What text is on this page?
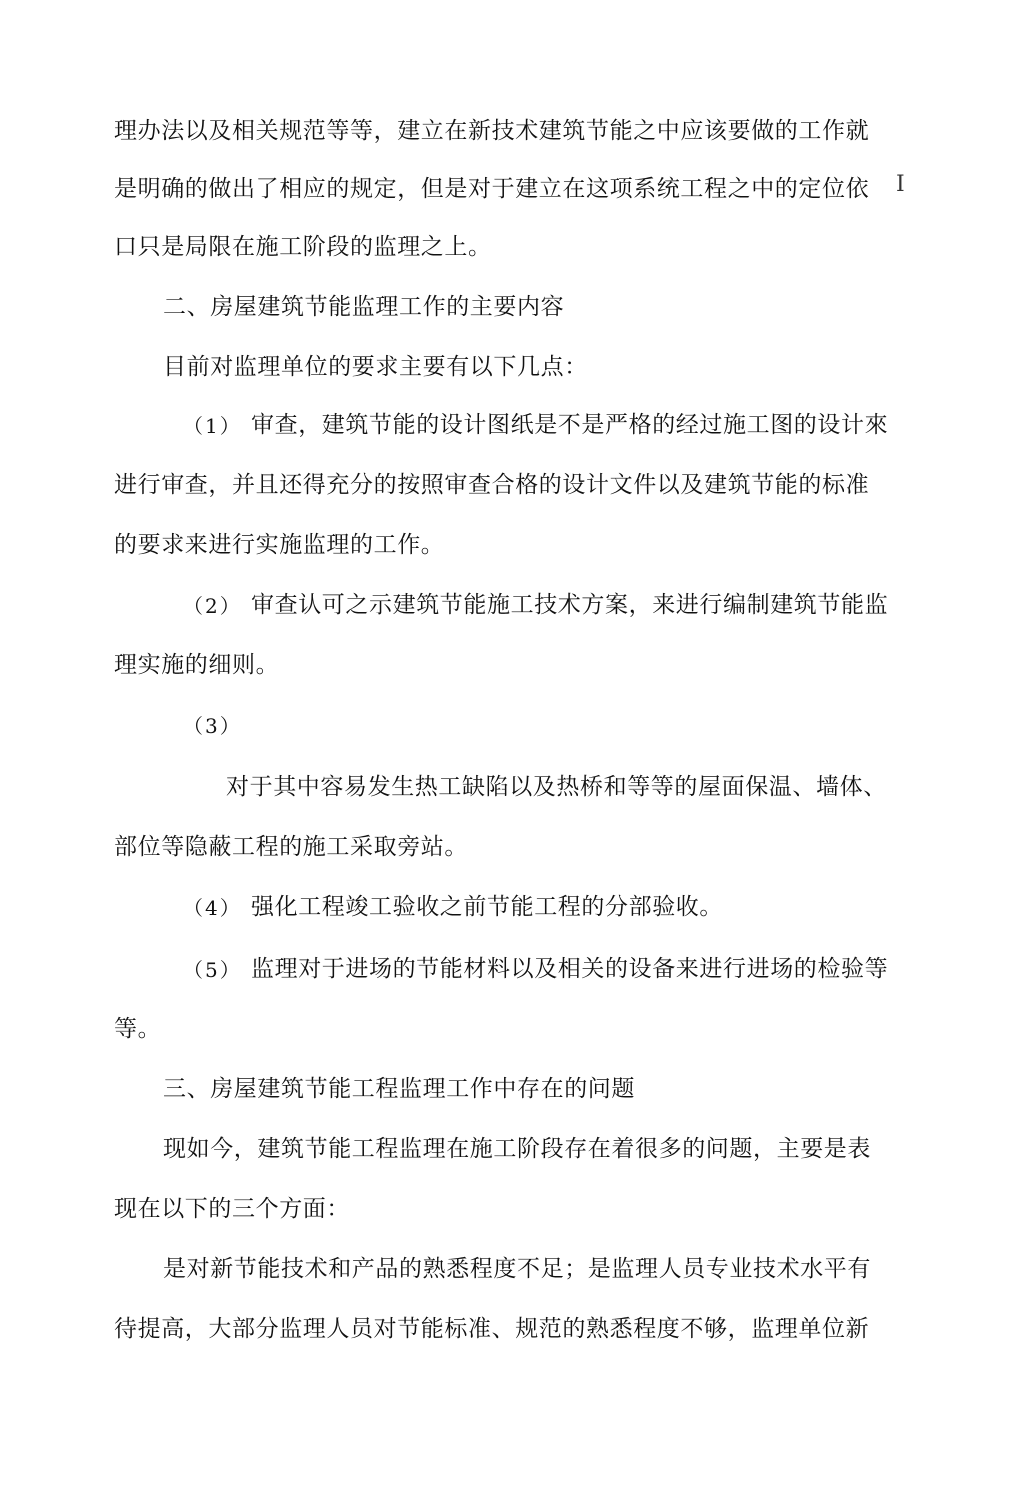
理办法以及相关规范等等，建立在新技术建筑节能之中应该要做的工作就
是明确的做出了相应的规定，但是对于建立在这项系统工程之中的定位依 I
口只是局限在施工阶段的监理之上。
二、房屋建筑节能监理工作的主要内容
目前对监理单位的要求主要有以下几点：
（1） 审查，建筑节能的设计图纸是不是严格的经过施工图的设计來
进行审查，并且还得充分的按照审查合格的设计文件以及建筑节能的标准
的要求来进行实施监理的工作。
（2） 审查认可之示建筑节能施工技术方案，来进行编制建筑节能监
理实施的细则。
（3）
对于其中容易发生热工缺陷以及热桥和等等的屋面保温、墙体、
部位等隐蔽工程的施工采取旁站。
（4） 强化工程竣工验收之前节能工程的分部验收。
（5） 监理对于进场的节能材料以及相关的设备来进行进场的检验等
等。
三、房屋建筑节能工程监理工作中存在的问题
现如今，建筑节能工程监理在施工阶段存在着很多的问题，主要是表
现在以下的三个方面：
是对新节能技术和产品的熟悉程度不足；是监理人员专业技术水平有
待提高，大部分监理人员对节能标准、规范的熟悉程度不够，监理单位新
